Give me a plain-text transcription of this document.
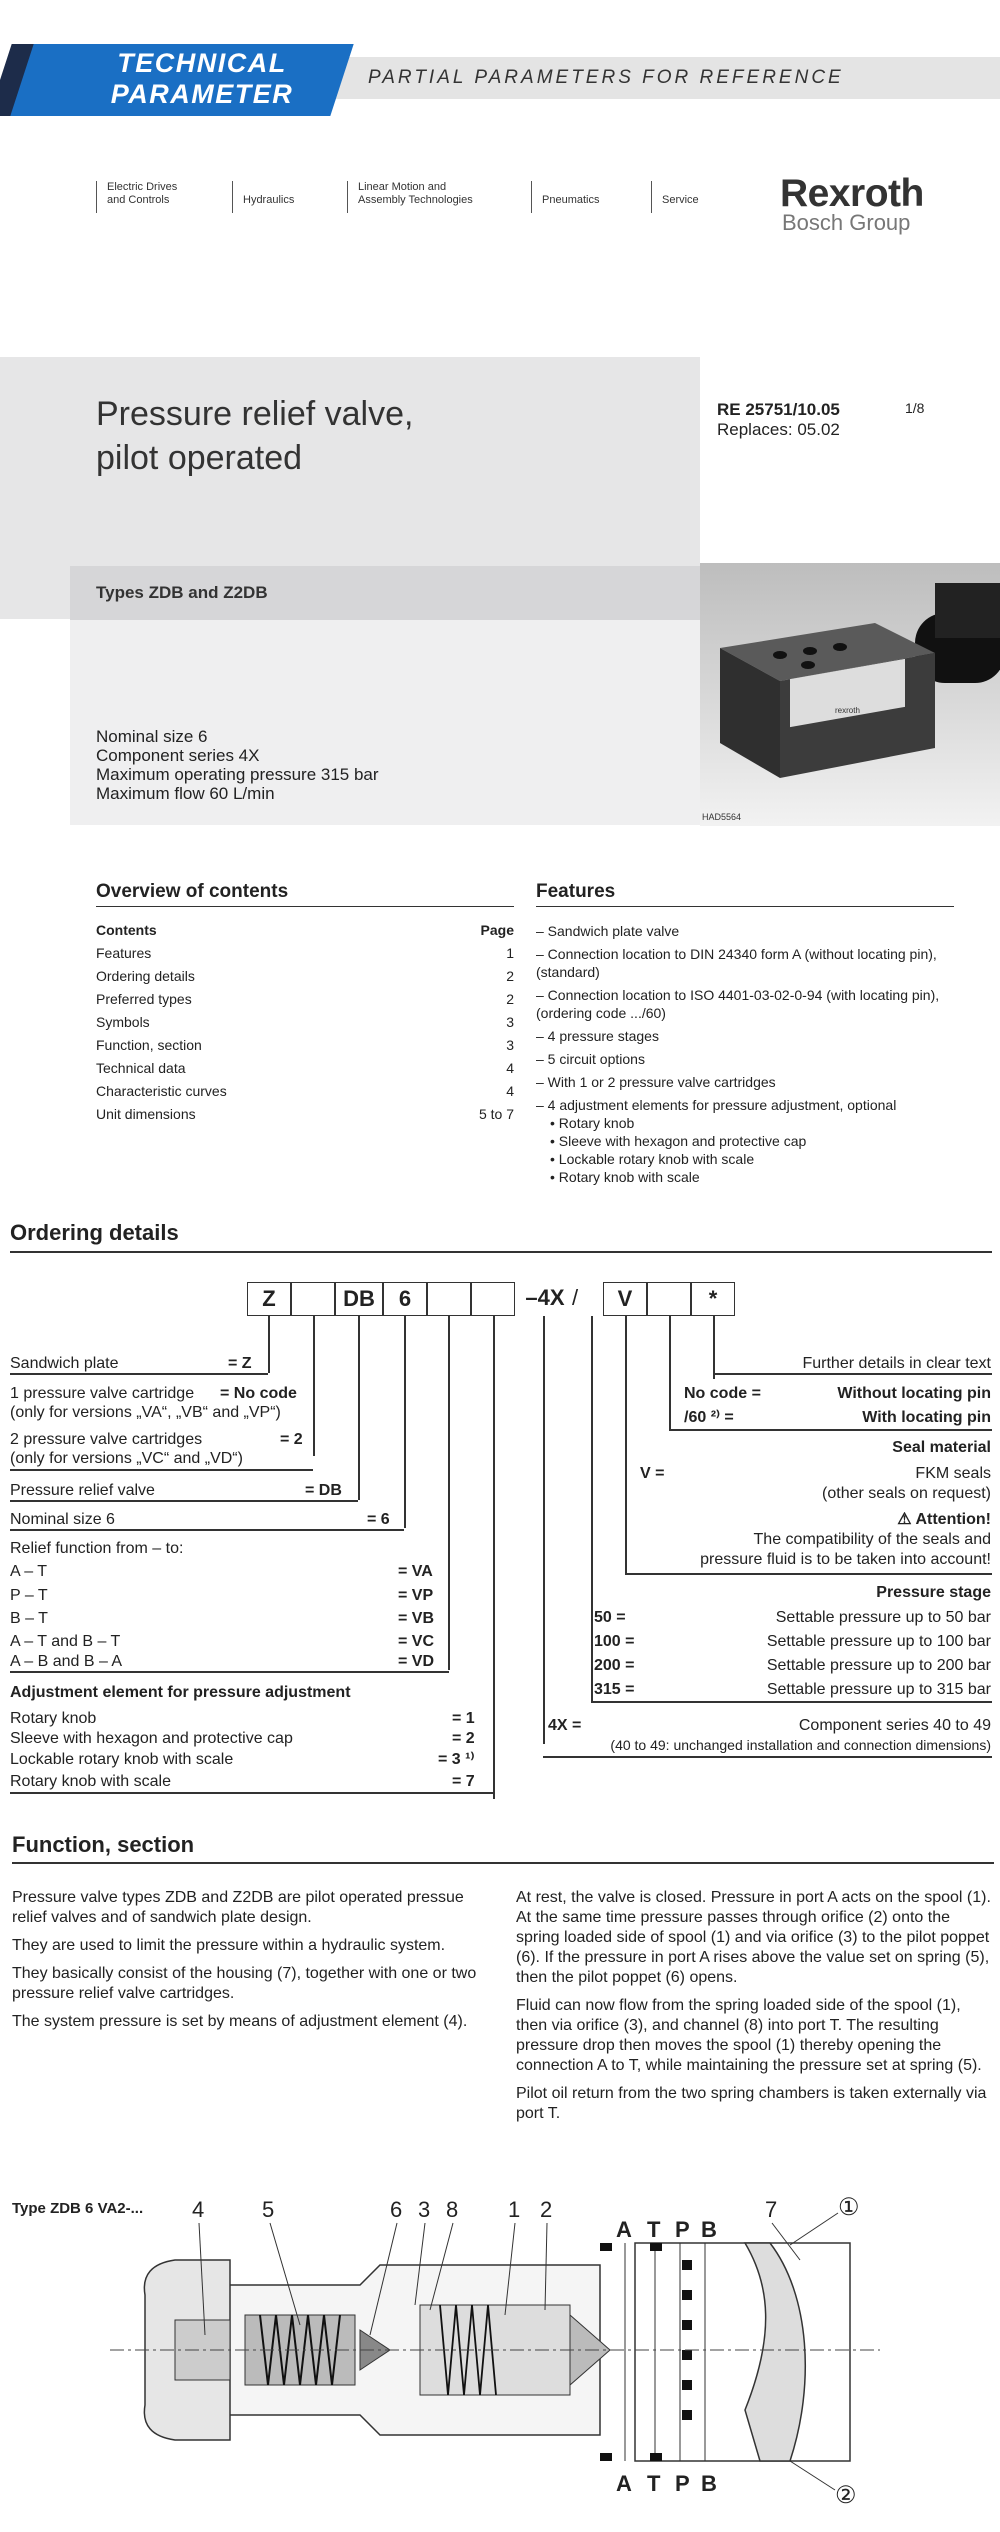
TECHNICAL
PARAMETER
PARTIAL PARAMETERS FOR REFERENCE
Electric Drives
and Controls	Hydraulics
Linear Motion and
Assembly Technologies	Pneumatics	Service Rexroth
Bosch Group
Pressure relief valve,
pilot operated
RE 25751/10.05
Replaces: 05.02
1/8
Types ZDB and Z2DB
Nominal size 6
Component series 4X
Maximum operating pressure 315 bar
Maximum flow 60 L/min
rexroth
HAD5564
Overview of contents
Contents	Page
Features	1
Ordering details	2
Preferred types	2
Symbols	3
Function, section	3
Technical data	4
Characteristic curves	4
Unit dimensions	5 to 7
Features
– Sandwich plate valve
– Connection location to DIN 24340 form A (without locating pin), (standard)
– Connection location to ISO 4401-03-02-0-94 (with locating pin), (ordering code .../60)
– 4 pressure stages
– 5 circuit options
– With 1 or 2 pressure valve cartridges
– 4 adjustment elements for pressure adjustment, optional
• Rotary knob
• Sleeve with hexagon and protective cap
• Lockable rotary knob with scale
• Rotary knob with scale
Ordering details
Z	DB	6	–4X /	V	*
Sandwich plate	= Z
1 pressure valve cartridge = No code
(only for versions „VA“, „VB“ and „VP“)
2 pressure valve cartridges	= 2
(only for versions „VC“ and „VD“)
Pressure relief valve	= DB
Nominal size 6	= 6
Relief function from – to:
A – T	= VA
P – T	= VP
B – T	= VB
A – T and B – T	= VC
A – B and B – A	= VD
Adjustment element for pressure adjustment
Rotary knob	= 1
Sleeve with hexagon and protective cap	= 2
Lockable rotary knob with scale	= 3 ¹⁾
Rotary knob with scale	= 7
Further details in clear text
No code =	Without locating pin
/60 ²⁾ =	With locating pin
Seal material
V =	FKM seals
(other seals on request)
⚠ Attention!
The compatibility of the seals and
pressure fluid is to be taken into account!
Pressure stage
50 =	Settable pressure up to 50 bar
100 =	Settable pressure up to 100 bar
200 =	Settable pressure up to 200 bar
315 =	Settable pressure up to 315 bar
4X =	Component series 40 to 49
(40 to 49: unchanged installation and connection dimensions)
Function, section

Pressure valve types ZDB and Z2DB are pilot operated pressue relief valves and of sandwich plate design.

They are used to limit the pressure within a hydraulic system.

They basically consist of the housing (7), together with one or two pressure relief valve cartridges.

The system pressure is set by means of adjustment element (4).

At rest, the valve is closed. Pressure in port A acts on the spool (1). At the same time pressure passes through orifice (2) onto the spring loaded side of spool (1) and via orifice (3) to the pilot poppet (6). If the pressure in port A rises above the value set on spring (5), then the pilot poppet (6) opens.

Fluid can now flow from the spring loaded side of the spool (1), then via orifice (3), and channel (8) into port T. The resulting pressure drop then moves the spool (1) thereby opening the connection A to T, while maintaining the pressure set at spring (5).

Pilot oil return from the two spring chambers is taken externally via port T.

Type ZDB 6 VA2-... 4	5	6 3 8 1 2	7
A T P B
A T P B
①
②
